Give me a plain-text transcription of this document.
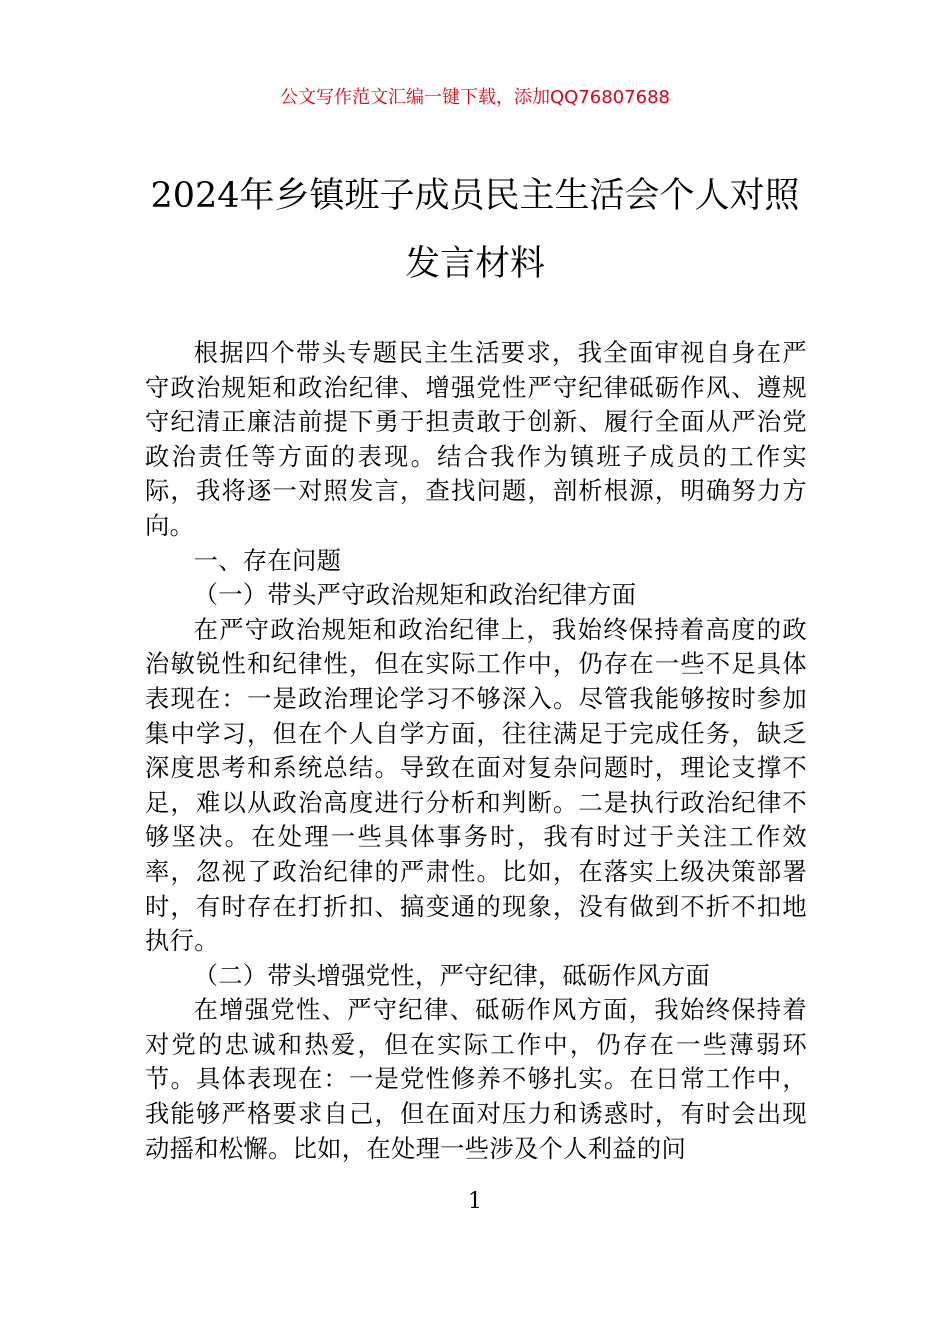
公文写作范文汇编一键下载，添加QQ76807688
2024年乡镇班子成员民主生活会个人对照
发言材料

根据四个带头专题民主生活要求，我全面审视自身在严守政治规矩和政治纪律、增强党性严守纪律砥砺作风、遵规守纪清正廉洁前提下勇于担责敢于创新、履行全面从严治党政治责任等方面的表现。结合我作为镇班子成员的工作实际，我将逐一对照发言，查找问题，剖析根源，明确努力方向。

一、存在问题

（一）带头严守政治规矩和政治纪律方面

在严守政治规矩和政治纪律上，我始终保持着高度的政治敏锐性和纪律性，但在实际工作中，仍存在一些不足具体表现在：一是政治理论学习不够深入。尽管我能够按时参加集中学习，但在个人自学方面，往往满足于完成任务，缺乏深度思考和系统总结。导致在面对复杂问题时，理论支撑不足，难以从政治高度进行分析和判断。二是执行政治纪律不够坚决。在处理一些具体事务时，我有时过于关注工作效率，忽视了政治纪律的严肃性。比如，在落实上级决策部署时，有时存在打折扣、搞变通的现象，没有做到不折不扣地执行。

（二）带头增强党性，严守纪律，砥砺作风方面

在增强党性、严守纪律、砥砺作风方面，我始终保持着对党的忠诚和热爱，但在实际工作中，仍存在一些薄弱环节。具体表现在：一是党性修养不够扎实。在日常工作中，我能够严格要求自己，但在面对压力和诱惑时，有时会出现动摇和松懈。比如，在处理一些涉及个人利益的问

1
